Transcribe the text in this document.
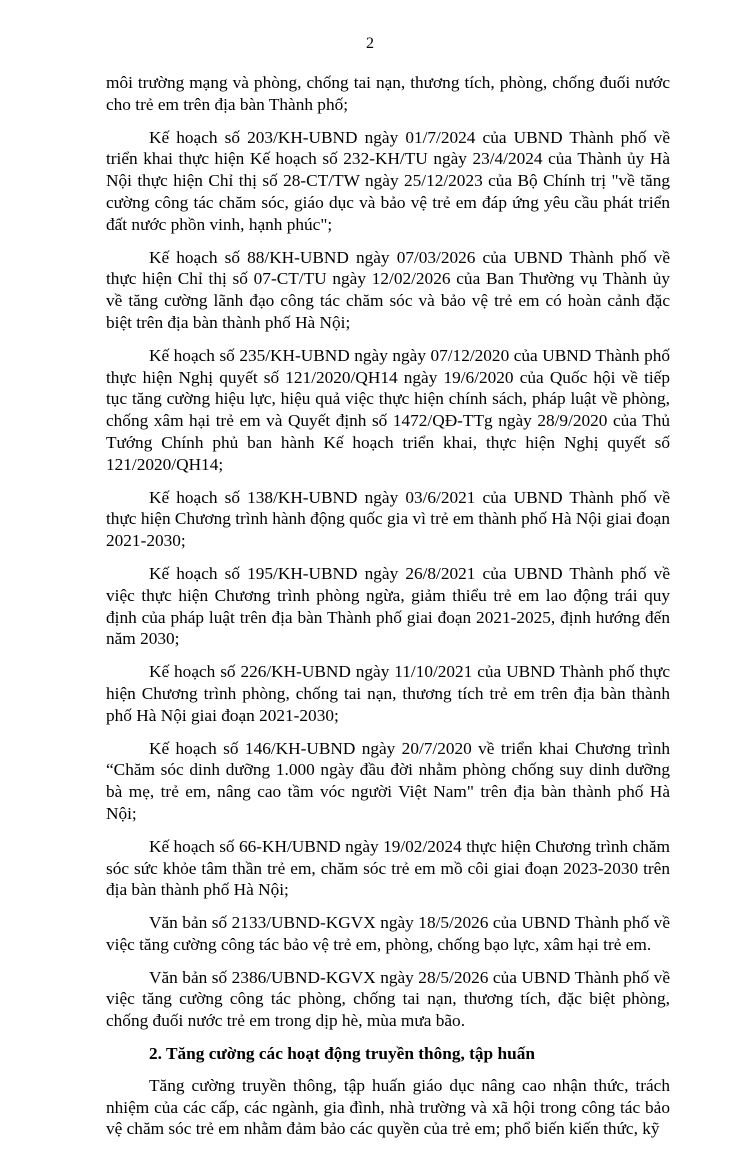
2

môi trường mạng và phòng, chống tai nạn, thương tích, phòng, chống đuối nước cho trẻ em trên địa bàn Thành phố;

Kế hoạch số 203/KH-UBND ngày 01/7/2024 của UBND Thành phố về triển khai thực hiện Kế hoạch số 232-KH/TU ngày 23/4/2024 của Thành ủy Hà Nội thực hiện Chỉ thị số 28-CT/TW ngày 25/12/2023 của Bộ Chính trị "về tăng cường công tác chăm sóc, giáo dục và bảo vệ trẻ em đáp ứng yêu cầu phát triển đất nước phồn vinh, hạnh phúc";

Kế hoạch số 88/KH-UBND ngày 07/03/2026 của UBND Thành phố về thực hiện Chỉ thị số 07-CT/TU ngày 12/02/2026 của Ban Thường vụ Thành ủy về tăng cường lãnh đạo công tác chăm sóc và bảo vệ trẻ em có hoàn cảnh đặc biệt trên địa bàn thành phố Hà Nội;

Kế hoạch số 235/KH-UBND ngày ngày 07/12/2020 của UBND Thành phố thực hiện Nghị quyết số 121/2020/QH14 ngày 19/6/2020 của Quốc hội về tiếp tục tăng cường hiệu lực, hiệu quả việc thực hiện chính sách, pháp luật về phòng, chống xâm hại trẻ em và Quyết định số 1472/QĐ-TTg ngày 28/9/2020 của Thủ Tướng Chính phủ ban hành Kế hoạch triển khai, thực hiện Nghị quyết số 121/2020/QH14;

Kế hoạch số 138/KH-UBND ngày 03/6/2021 của UBND Thành phố về thực hiện Chương trình hành động quốc gia vì trẻ em thành phố Hà Nội giai đoạn 2021-2030;

Kế hoạch số 195/KH-UBND ngày 26/8/2021 của UBND Thành phố về việc thực hiện Chương trình phòng ngừa, giảm thiểu trẻ em lao động trái quy định của pháp luật trên địa bàn Thành phố giai đoạn 2021-2025, định hướng đến năm 2030;

Kế hoạch số 226/KH-UBND ngày 11/10/2021 của UBND Thành phố thực hiện Chương trình phòng, chống tai nạn, thương tích trẻ em trên địa bàn thành phố Hà Nội giai đoạn 2021-2030;

Kế hoạch số 146/KH-UBND ngày 20/7/2020 về triển khai Chương trình “Chăm sóc dinh dưỡng 1.000 ngày đầu đời nhằm phòng chống suy dinh dưỡng bà mẹ, trẻ em, nâng cao tầm vóc người Việt Nam" trên địa bàn thành phố Hà Nội;

Kế hoạch số 66-KH/UBND ngày 19/02/2024 thực hiện Chương trình chăm sóc sức khỏe tâm thần trẻ em, chăm sóc trẻ em mồ côi giai đoạn 2023-2030 trên địa bàn thành phố Hà Nội;

Văn bản số 2133/UBND-KGVX ngày 18/5/2026 của UBND Thành phố về việc tăng cường công tác bảo vệ trẻ em, phòng, chống bạo lực, xâm hại trẻ em.

Văn bản số 2386/UBND-KGVX ngày 28/5/2026 của UBND Thành phố về việc tăng cường công tác phòng, chống tai nạn, thương tích, đặc biệt phòng, chống đuối nước trẻ em trong dịp hè, mùa mưa bão.

2. Tăng cường các hoạt động truyền thông, tập huấn

Tăng cường truyền thông, tập huấn giáo dục nâng cao nhận thức, trách nhiệm của các cấp, các ngành, gia đình, nhà trường và xã hội trong công tác bảo vệ chăm sóc trẻ em nhằm đảm bảo các quyền của trẻ em; phổ biến kiến thức, kỹ
